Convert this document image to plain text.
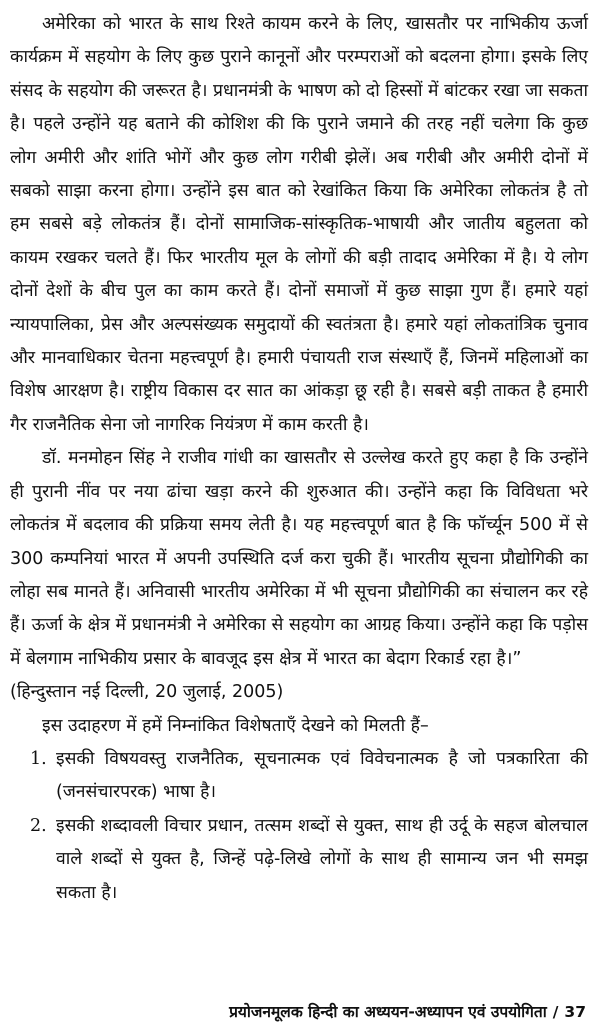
अमेरिका को भारत के साथ रिश्ते कायम करने के लिए, खासतौर पर नाभिकीय ऊर्जा कार्यक्रम में सहयोग के लिए कुछ पुराने कानूनों और परम्पराओं को बदलना होगा। इसके लिए संसद के सहयोग की जरूरत है। प्रधानमंत्री के भाषण को दो हिस्सों में बांटकर रखा जा सकता है। पहले उन्होंने यह बताने की कोशिश की कि पुराने जमाने की तरह नहीं चलेगा कि कुछ लोग अमीरी और शांति भोगें और कुछ लोग गरीबी झेलें। अब गरीबी और अमीरी दोनों में सबको साझा करना होगा। उन्होंने इस बात को रेखांकित किया कि अमेरिका लोकतंत्र है तो हम सबसे बड़े लोकतंत्र हैं। दोनों सामाजिक-सांस्कृतिक-भाषायी और जातीय बहुलता को कायम रखकर चलते हैं। फिर भारतीय मूल के लोगों की बड़ी तादाद अमेरिका में है। ये लोग दोनों देशों के बीच पुल का काम करते हैं। दोनों समाजों में कुछ साझा गुण हैं। हमारे यहां न्यायपालिका, प्रेस और अल्पसंख्यक समुदायों की स्वतंत्रता है। हमारे यहां लोकतांत्रिक चुनाव और मानवाधिकार चेतना महत्त्वपूर्ण है। हमारी पंचायती राज संस्थाएँ हैं, जिनमें महिलाओं का विशेष आरक्षण है। राष्ट्रीय विकास दर सात का आंकड़ा छू रही है। सबसे बड़ी ताकत है हमारी गैर राजनैतिक सेना जो नागरिक नियंत्रण में काम करती है।

डॉ. मनमोहन सिंह ने राजीव गांधी का खासतौर से उल्लेख करते हुए कहा है कि उन्होंने ही पुरानी नींव पर नया ढांचा खड़ा करने की शुरुआत की। उन्होंने कहा कि विविधता भरे लोकतंत्र में बदलाव की प्रक्रिया समय लेती है। यह महत्त्वपूर्ण बात है कि फॉर्च्यून 500 में से 300 कम्पनियां भारत में अपनी उपस्थिति दर्ज करा चुकी हैं। भारतीय सूचना प्रौद्योगिकी का लोहा सब मानते हैं। अनिवासी भारतीय अमेरिका में भी सूचना प्रौद्योगिकी का संचालन कर रहे हैं। ऊर्जा के क्षेत्र में प्रधानमंत्री ने अमेरिका से सहयोग का आग्रह किया। उन्होंने कहा कि पड़ोस में बेलगाम नाभिकीय प्रसार के बावजूद इस क्षेत्र में भारत का बेदाग रिकार्ड रहा है।”

(हिन्दुस्तान नई दिल्ली, 20 जुलाई, 2005)

इस उदाहरण में हमें निम्नांकित विशेषताएँ देखने को मिलती हैं–

1. इसकी विषयवस्तु राजनैतिक, सूचनात्मक एवं विवेचनात्मक है जो पत्रकारिता की (जनसंचारपरक) भाषा है।
2. इसकी शब्दावली विचार प्रधान, तत्सम शब्दों से युक्त, साथ ही उर्दू के सहज बोलचाल वाले शब्दों से युक्त है, जिन्हें पढ़े-लिखे लोगों के साथ ही सामान्य जन भी समझ सकता है।
प्रयोजनमूलक हिन्दी का अध्ययन-अध्यापन एवं उपयोगिता / 37
